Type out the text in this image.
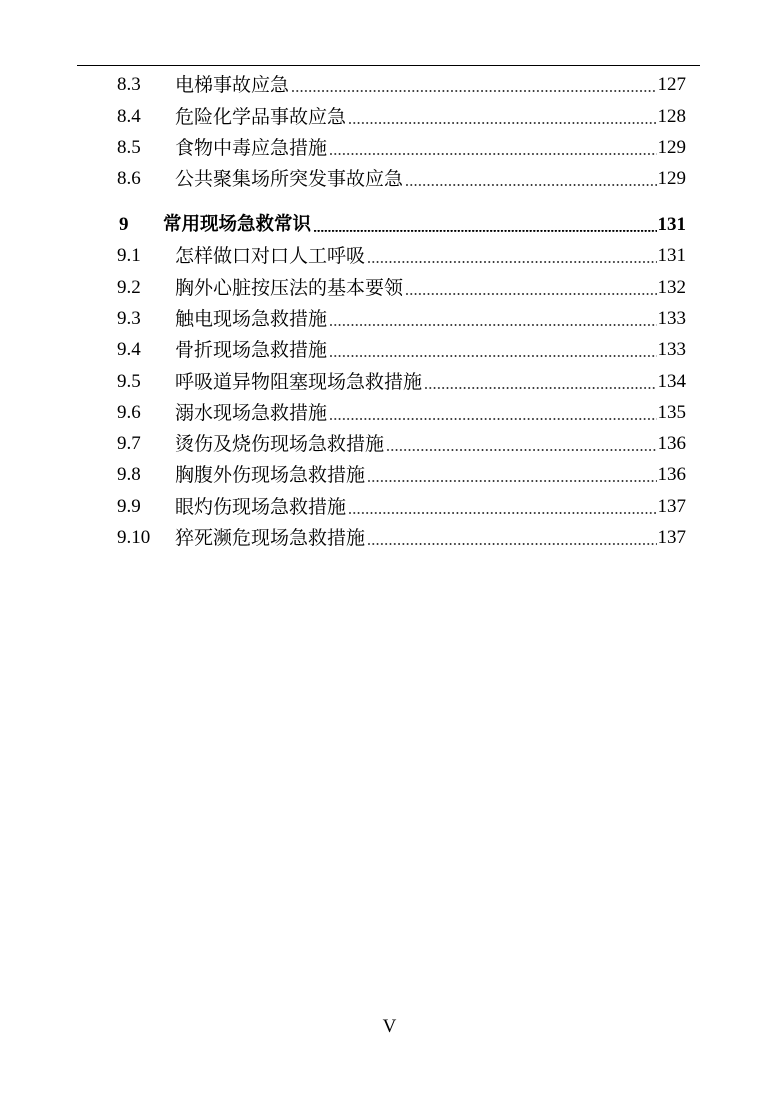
8.3	电梯事故应急	127
8.4	危险化学品事故应急	128
8.5	食物中毒应急措施	129
8.6	公共聚集场所突发事故应急	129
9	常用现场急救常识	131
9.1	怎样做口对口人工呼吸	131
9.2	胸外心脏按压法的基本要领	132
9.3	触电现场急救措施	133
9.4	骨折现场急救措施	133
9.5	呼吸道异物阻塞现场急救措施	134
9.6	溺水现场急救措施	135
9.7	烫伤及烧伤现场急救措施	136
9.8	胸腹外伤现场急救措施	136
9.9	眼灼伤现场急救措施	137
9.10	猝死濒危现场急救措施	137
V
